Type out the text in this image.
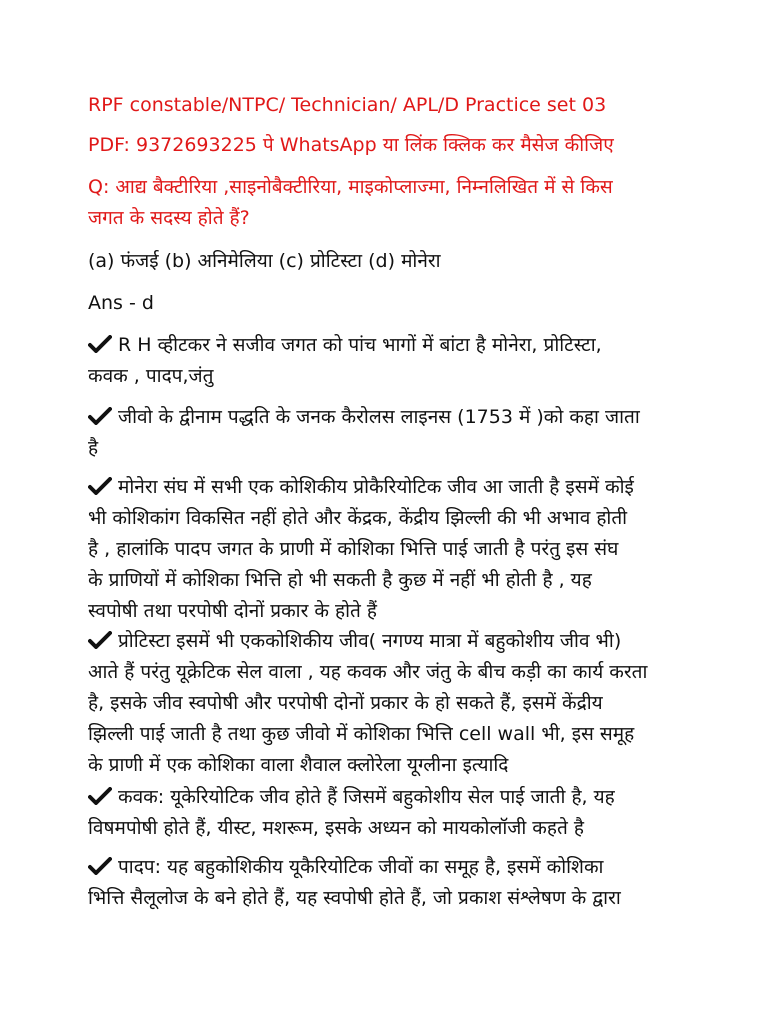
RPF constable/NTPC/ Technician/ APL/D Practice set 03

PDF: 9372693225 पे WhatsApp या लिंक क्लिक कर मैसेज कीजिए

Q: आद्य बैक्टीरिया ,साइनोबैक्टीरिया, माइकोप्लाज्मा, निम्नलिखित में से किस
जगत के सदस्य होते हैं?

(a) फंजई (b) अनिमेलिया (c) प्रोटिस्टा (d) मोनेरा

Ans - d

R H व्हीटकर ने सजीव जगत को पांच भागों में बांटा है मोनेरा, प्रोटिस्टा,
कवक , पादप,जंतु

जीवो के द्वीनाम पद्धति के जनक कैरोलस लाइनस (1753 में )को कहा जाता
है

मोनेरा संघ में सभी एक कोशिकीय प्रोकैरियोटिक जीव आ जाती है इसमें कोई
भी कोशिकांग विकसित नहीं होते और केंद्रक, केंद्रीय झिल्ली की भी अभाव होती
है , हालांकि पादप जगत के प्राणी में कोशिका भित्ति पाई जाती है परंतु इस संघ
के प्राणियों में कोशिका भित्ति हो भी सकती है कुछ में नहीं भी होती है , यह
स्वपोषी तथा परपोषी दोनों प्रकार के होते हैं

प्रोटिस्टा इसमें भी एककोशिकीय जीव( नगण्य मात्रा में बहुकोशीय जीव भी)
आते हैं परंतु यूक्रेटिक सेल वाला , यह कवक और जंतु के बीच कड़ी का कार्य करता
है, इसके जीव स्वपोषी और परपोषी दोनों प्रकार के हो सकते हैं, इसमें केंद्रीय
झिल्ली पाई जाती है तथा कुछ जीवो में कोशिका भित्ति cell wall भी, इस समूह
के प्राणी में एक कोशिका वाला शैवाल क्लोरेला यूग्लीना इत्यादि

कवक: यूकेरियोटिक जीव होते हैं जिसमें बहुकोशीय सेल पाई जाती है, यह
विषमपोषी होते हैं, यीस्ट, मशरूम, इसके अध्यन को मायकोलॉजी कहते है

पादप: यह बहुकोशिकीय यूकैरियोटिक जीवों का समूह है, इसमें कोशिका
भित्ति सैलूलोज के बने होते हैं, यह स्वपोषी होते हैं, जो प्रकाश संश्लेषण के द्वारा
